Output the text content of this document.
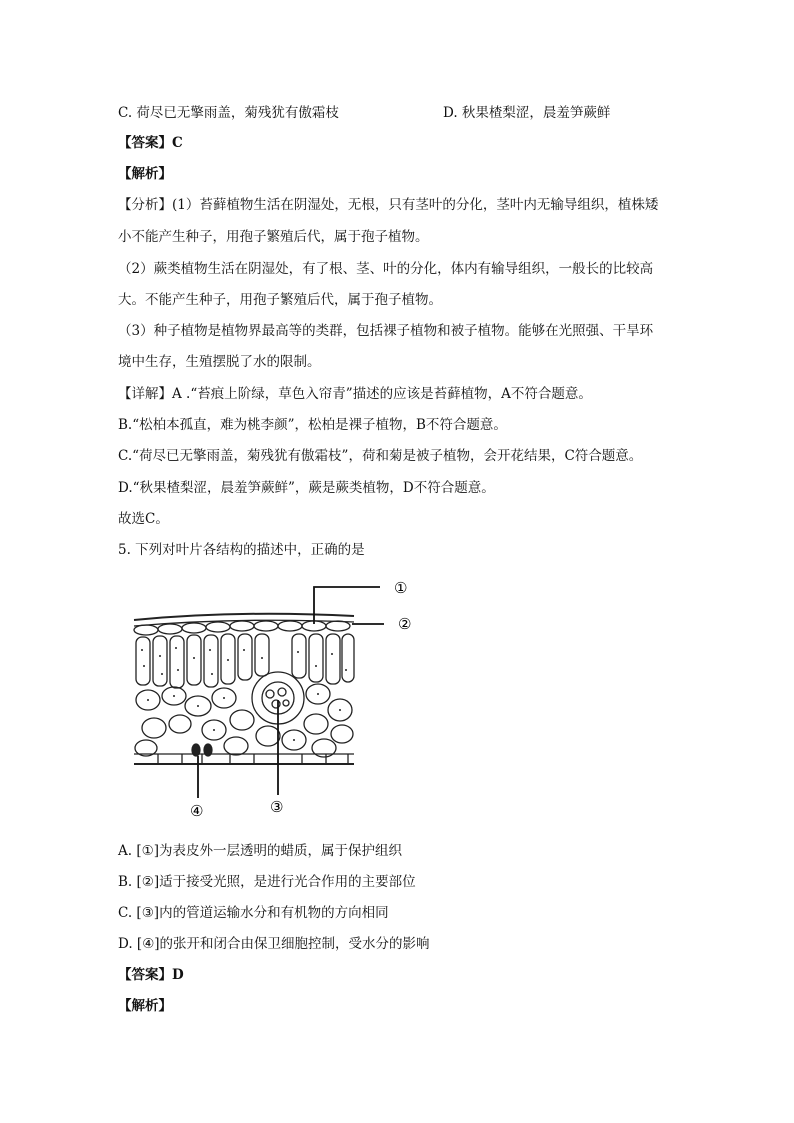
C. 荷尽已无擎雨盖，菊残犹有傲霜枝	D. 秋果楂梨涩，晨羞笋蕨鲜
【答案】C
【解析】
【分析】(1）苔藓植物生活在阴湿处，无根，只有茎叶的分化，茎叶内无输导组织，植株矮
小不能产生种子，用孢子繁殖后代，属于孢子植物。
（2）蕨类植物生活在阴湿处，有了根、茎、叶的分化，体内有输导组织，一般长的比较高
大。不能产生种子，用孢子繁殖后代，属于孢子植物。
（3）种子植物是植物界最高等的类群，包括裸子植物和被子植物。能够在光照强、干旱环
境中生存，生殖摆脱了水的限制。
【详解】A .“苔痕上阶绿，草色入帘青”描述的应该是苔藓植物，A不符合题意。
B.“松柏本孤直，难为桃李颜”，松柏是裸子植物，B不符合题意。
C.“荷尽已无擎雨盖，菊残犹有傲霜枝”，荷和菊是被子植物，会开花结果，C符合题意。
D.“秋果楂梨涩，晨羞笋蕨鲜”，蕨是蕨类植物，D不符合题意。
故选C。
5. 下列对叶片各结构的描述中，正确的是
①
②
③
④
A. [①]为表皮外一层透明的蜡质，属于保护组织
B. [②]适于接受光照，是进行光合作用的主要部位
C. [③]内的管道运输水分和有机物的方向相同
D. [④]的张开和闭合由保卫细胞控制，受水分的影响
【答案】D
【解析】
